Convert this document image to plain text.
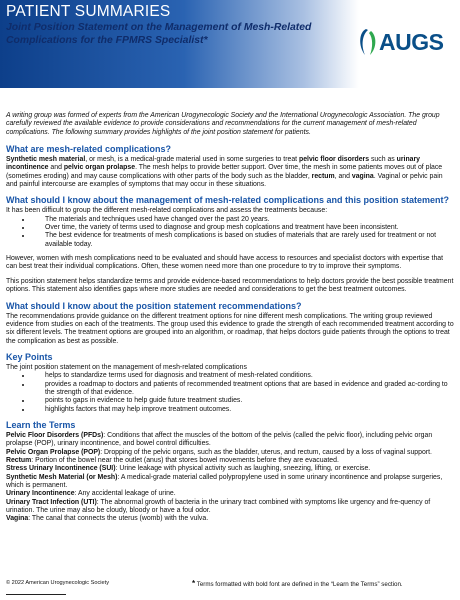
PATIENT SUMMARIES
Joint Position Statement on the Management of Mesh-Related Complications for the FPMRS Specialist*	AUGS

A writing group was formed of experts from the American Urogynecologic Society and the International Urogynecologic Association. The group carefully reviewed the available evidence to provide considerations and recommendations for the current management of mesh-related complications. The following summary provides highlights of the joint position statement for patients.

What are mesh-related complications?

Synthetic mesh material, or mesh, is a medical-grade material used in some surgeries to treat pelvic floor disorders such as urinary incontinence and pelvic organ prolapse. The mesh helps to provide better support. Over time, the mesh in some patients moves out of place (sometimes eroding) and may cause complications with other parts of the body such as the bladder, rectum, and vagina. Vaginal or pelvic pain and painful intercourse are examples of symptoms that may occur in these situations.

What should I know about the management of mesh-related complications and this position statement?

It has been difficult to group the different mesh-related complications and assess the treatments because:

• The materials and techniques used have changed over the past 20 years.
• Over time, the variety of terms used to diagnose and group mesh coplcations and treatment have been inconsistent.
• The best evidence for treatments of mesh complications is based on studies of materials that are rarely used for treatment or not available today.

However, women with mesh complications need to be evaluated and should have access to resources and specialist doctors with expertise that can best treat their individual complications. Often, these women need more than one procedure to try to improve their symptoms.

This position statement helps standardize terms and provide evidence-based recommendations to help doctors provide the best possible treatment options. This statement also identifies gaps where more studies are needed and considerations to get the best treatment outcomes.

What should I know about the position statement recommendations?

The recommendations provide guidance on the different treatment options for nine different mesh complications. The writing group reviewed evidence from studies on each of the treatments. The group used this evidence to grade the strength of each recommended treatment according to six different levels. The treatment options are grouped into an algorithm, or roadmap, that helps doctors guide patients through the options to treat the complication as best as possible.

Key Points

The joint position statement on the management of mesh-related complications

• helps to standardize terms used for diagnosis and treatment of mesh-related conditions.
• provides a roadmap to doctors and patients of recommended treatment options that are based in evidence and graded ac-cording to the strength of that evidence.
• points to gaps in evidence to help guide future treatment studies.
• highlights factors that may help improve treatment outcomes.
Learn the Terms

Pelvic Floor Disorders (PFDs): Conditions that affect the muscles of the bottom of the pelvis (called the pelvic floor), including pelvic organ prolapse (POP), urinary incontinence, and bowel control difficulties.

Pelvic Organ Prolapse (POP): Dropping of the pelvic organs, such as the bladder, uterus, and rectum, caused by a loss of vaginal support.

Rectum: Portion of the bowel near the outlet (anus) that stores bowel movements before they are evacuated.

Stress Urinary Incontinence (SUI): Urine leakage with physical activity such as laughing, sneezing, lifting, or exercise.

Synthetic Mesh Material (or Mesh): A medical-grade material called polypropylene used in some urinary incontinence and prolapse surgeries, which is permanent.

Urinary Incontinence: Any accidental leakage of urine.

Urinary Tract Infection (UTI): The abnormal growth of bacteria in the urinary tract combined with symptoms like urgency and fre-quency of urination. The urine may also be cloudy, bloody or have a foul odor.

Vagina: The canal that connects the uterus (womb) with the vulva.

© 2022 American Urogynecologic Society	* Terms formatted with bold font are defined in the “Learn the Terms” section.
